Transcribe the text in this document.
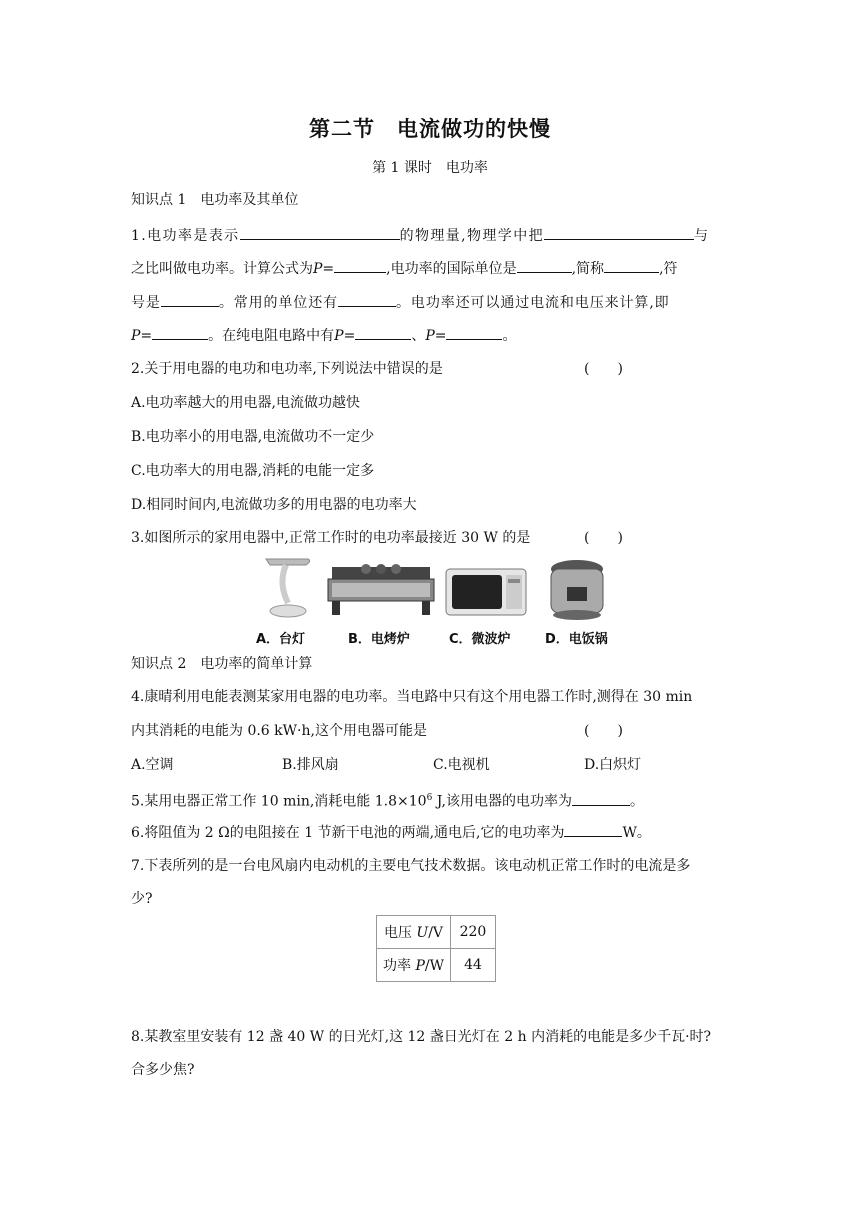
第二节　电流做功的快慢
第 1 课时　电功率
知识点 1　电功率及其单位
1.电功率是表示	的物理量,物理学中把	与
之比叫做电功率。计算公式为P=	,电功率的国际单位是	,简称	,符
号是	。常用的单位还有	。电功率还可以通过电流和电压来计算,即
P=	。在纯电阻电路中有P=	、P=	。
2.关于用电器的电功和电功率,下列说法中错误的是	(　　)
A.电功率越大的用电器,电流做功越快
B.电功率小的用电器,电流做功不一定少
C.电功率大的用电器,消耗的电能一定多
D.相同时间内,电流做功多的用电器的电功率大
3.如图所示的家用电器中,正常工作时的电功率最接近 30 W 的是	(　　)
A．台灯	B．电烤炉	C．微波炉	D．电饭锅
知识点 2　电功率的简单计算
4.康晴利用电能表测某家用电器的电功率。当电路中只有这个用电器工作时,测得在 30 min
内其消耗的电能为 0.6 kW·h,这个用电器可能是	(　　)
A.空调	B.排风扇	C.电视机	D.白炽灯
5.某用电器正常工作 10 min,消耗电能 $1.8\times 10^6$ J,该用电器的电功率为	。
6.将阻值为 2 Ω的电阻接在 1 节新干电池的两端,通电后,它的电功率为	W。
7.下表所列的是一台电风扇内电动机的主要电气技术数据。该电动机正常工作时的电流是多
少?
电压 U/V	220
功率 P/W	44
8.某教室里安装有 12 盏 40 W 的日光灯,这 12 盏日光灯在 2 h 内消耗的电能是多少千瓦·时?
合多少焦?
